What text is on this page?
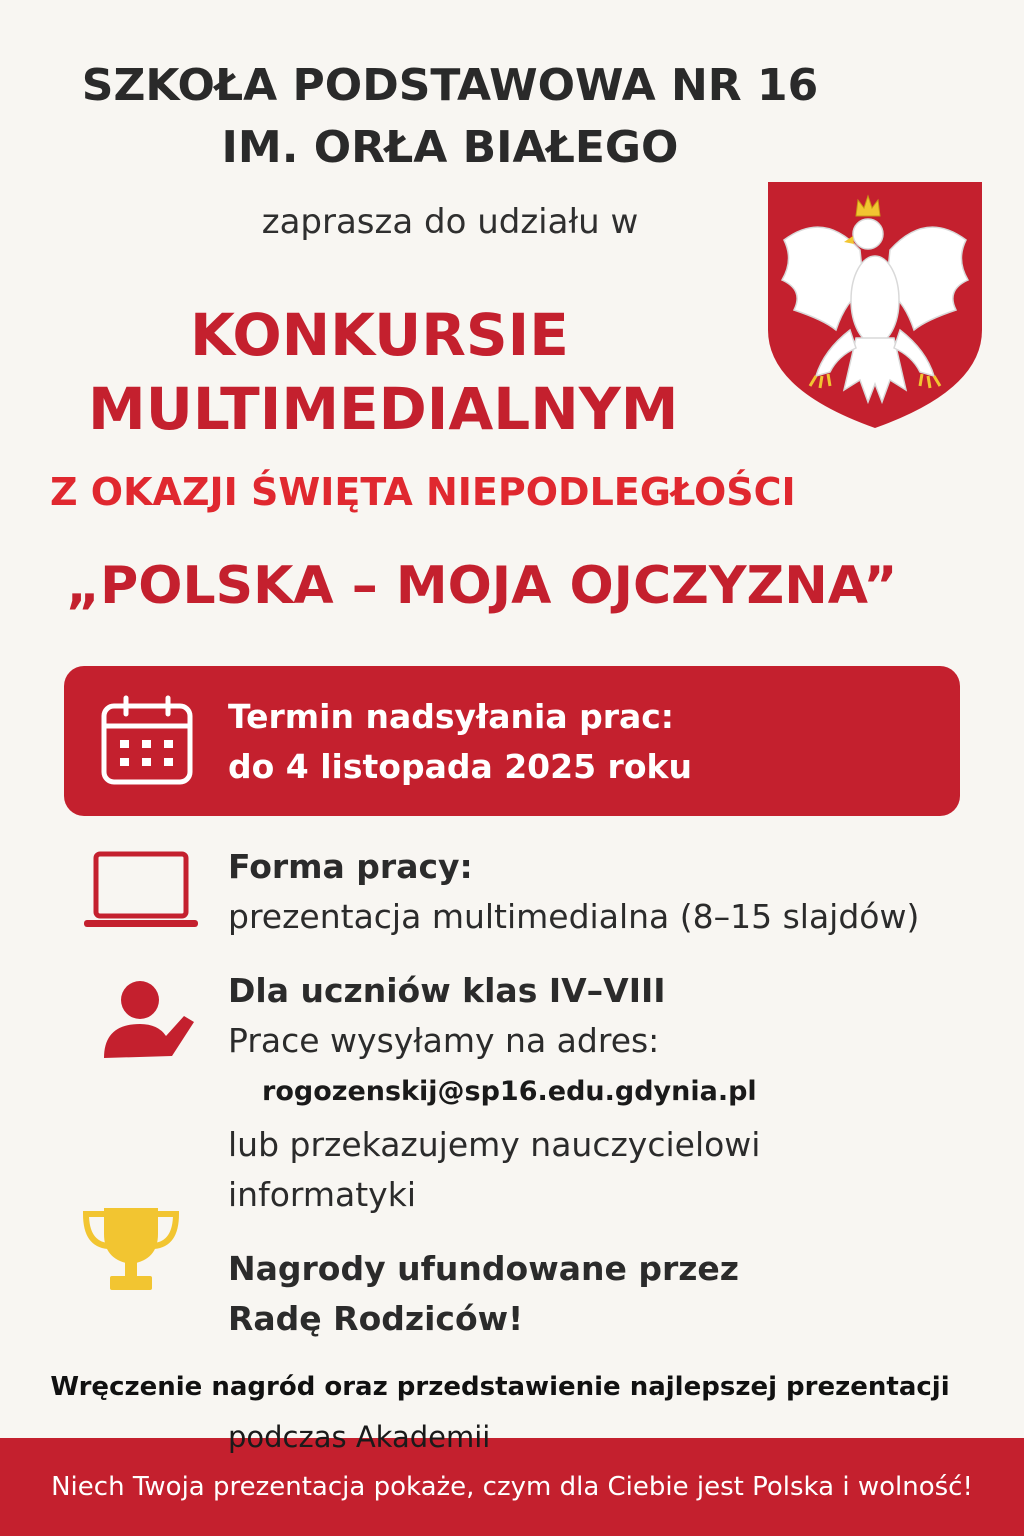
SZKOŁA PODSTAWOWA NR 16
IM. ORŁA BIAŁEGO
zaprasza do udziału w
KONKURSIE
MULTIMEDIALNYM
Z OKAZJI ŚWIĘTA NIEPODLEGŁOŚCI
„POLSKA – MOJA OJCZYZNA”
Termin nadsyłania prac:
do 4 listopada 2025 roku
Forma pracy:
prezentacja multimedialna (8–15 slajdów)
Dla uczniów klas IV–VIII
Prace wysyłamy na adres:
rogozenskij@sp16.edu.gdynia.pl
lub przekazujemy nauczycielowi
informatyki
Nagrody ufundowane przez
Radę Rodziców!
Wręczenie nagród oraz przedstawienie najlepszej prezentacji
podczas Akademii
Niech Twoja prezentacja pokaże, czym dla Ciebie jest Polska i wolność!
